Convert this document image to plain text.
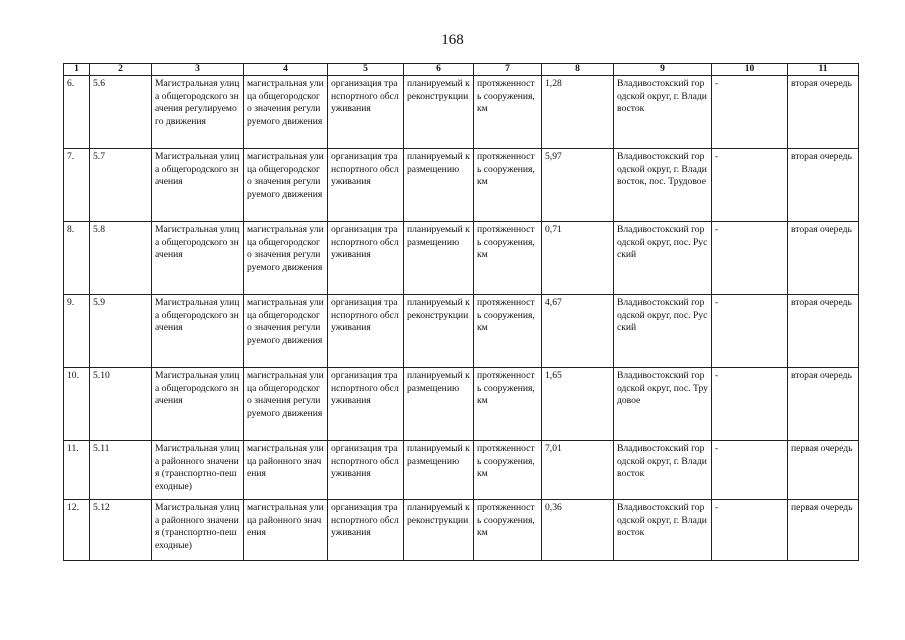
168
1	2	3	4	5	6	7	8	9	10	11
6.	5.6	Магистральная улица общегородского значения регулируемого движения	магистральная улица общегородского значения регулируемого движения	организация транспортного обслуживания	планируемый к реконструкции	протяженность сооружения, км	1,28	Владивостокский городской округ, г. Владивосток	-	вторая очередь
7.	5.7	Магистральная улица общегородского значения	магистральная улица общегородского значения регулируемого движения	организация транспортного обслуживания	планируемый к размещению	протяженность сооружения, км	5,97	Владивостокский городской округ, г. Владивосток, пос. Трудовое	-	вторая очередь
8.	5.8	Магистральная улица общегородского значения	магистральная улица общегородского значения регулируемого движения	организация транспортного обслуживания	планируемый к размещению	протяженность сооружения, км	0,71	Владивостокский городской округ, пос. Русский	-	вторая очередь
9.	5.9	Магистральная улица общегородского значения	магистральная улица общегородского значения регулируемого движения	организация транспортного обслуживания	планируемый к реконструкции	протяженность сооружения, км	4,67	Владивостокский городской округ, пос. Русский	-	вторая очередь
10.	5.10	Магистральная улица общегородского значения	магистральная улица общегородского значения регулируемого движения	организация транспортного обслуживания	планируемый к размещению	протяженность сооружения, км	1,65	Владивостокский городской округ, пос. Трудовое	-	вторая очередь
11.	5.11	Магистральная улица районного значения (транспортно-пешеходные)	магистральная улица районного значения	организация транспортного обслуживания	планируемый к размещению	протяженность сооружения, км	7,01	Владивостокский городской округ, г. Владивосток	-	первая очередь
12.	5.12	Магистральная улица районного значения (транспортно-пешеходные)	магистральная улица районного значения	организация транспортного обслуживания	планируемый к реконструкции	протяженность сооружения, км	0,36	Владивостокский городской округ, г. Владивосток	-	первая очередь
